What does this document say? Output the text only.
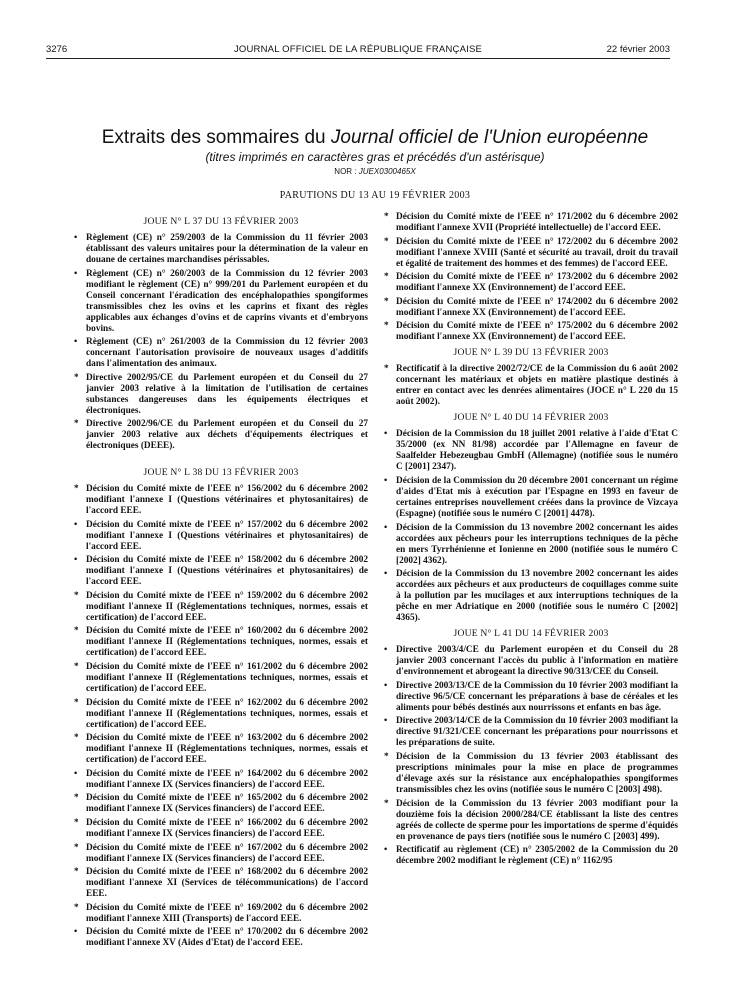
3276	JOURNAL OFFICIEL DE LA RÉPUBLIQUE FRANÇAISE	22 février 2003
Extraits des sommaires du Journal officiel de l'Union européenne
(titres imprimés en caractères gras et précédés d'un astérisque)
NOR : JUEX0300465X
PARUTIONS DU 13 AU 19 FÉVRIER 2003
JOUE N° L 37 DU 13 FÉVRIER 2003
• Règlement (CE) n° 259/2003 de la Commission du 11 février 2003 établissant des valeurs unitaires pour la détermination de la valeur en douane de certaines marchandises périssables.
• Règlement (CE) n° 260/2003 de la Commission du 12 février 2003 modifiant le règlement (CE) n° 999/201 du Parlement européen et du Conseil concernant l'éradication des encéphalopathies spongiformes transmissibles chez les ovins et les caprins et fixant des règles applicables aux échanges d'ovins et de caprins vivants et d'embryons bovins.
• Règlement (CE) n° 261/2003 de la Commission du 12 février 2003 concernant l'autorisation provisoire de nouveaux usages d'additifs dans l'alimentation des animaux.
* Directive 2002/95/CE du Parlement européen et du Conseil du 27 janvier 2003 relative à la limitation de l'utilisation de certaines substances dangereuses dans les équipements électriques et électroniques.
* Directive 2002/96/CE du Parlement européen et du Conseil du 27 janvier 2003 relative aux déchets d'équipements électriques et électroniques (DEEE).
JOUE N° L 38 DU 13 FÉVRIER 2003
* Décision du Comité mixte de l'EEE n° 156/2002 du 6 décembre 2002 modifiant l'annexe I (Questions vétérinaires et phytosanitaires) de l'accord EEE.
• Décision du Comité mixte de l'EEE n° 157/2002 du 6 décembre 2002 modifiant l'annexe I (Questions vétérinaires et phytosanitaires) de l'accord EEE.
• Décision du Comité mixte de l'EEE n° 158/2002 du 6 décembre 2002 modifiant l'annexe I (Questions vétérinaires et phytosanitaires) de l'accord EEE.
* Décision du Comité mixte de l'EEE n° 159/2002 du 6 décembre 2002 modifiant l'annexe II (Réglementations techniques, normes, essais et certification) de l'accord EEE.
* Décision du Comité mixte de l'EEE n° 160/2002 du 6 décembre 2002 modifiant l'annexe II (Réglementations techniques, normes, essais et certification) de l'accord EEE.
* Décision du Comité mixte de l'EEE n° 161/2002 du 6 décembre 2002 modifiant l'annexe II (Réglementations techniques, normes, essais et certification) de l'accord EEE.
* Décision du Comité mixte de l'EEE n° 162/2002 du 6 décembre 2002 modifiant l'annexe II (Réglementations techniques, normes, essais et certification) de l'accord EEE.
* Décision du Comité mixte de l'EEE n° 163/2002 du 6 décembre 2002 modifiant l'annexe II (Réglementations techniques, normes, essais et certification) de l'accord EEE.
• Décision du Comité mixte de l'EEE n° 164/2002 du 6 décembre 2002 modifiant l'annexe IX (Services financiers) de l'accord EEE.
* Décision du Comité mixte de l'EEE n° 165/2002 du 6 décembre 2002 modifiant l'annexe IX (Services financiers) de l'accord EEE.
* Décision du Comité mixte de l'EEE n° 166/2002 du 6 décembre 2002 modifiant l'annexe IX (Services financiers) de l'accord EEE.
* Décision du Comité mixte de l'EEE n° 167/2002 du 6 décembre 2002 modifiant l'annexe IX (Services financiers) de l'accord EEE.
* Décision du Comité mixte de l'EEE n° 168/2002 du 6 décembre 2002 modifiant l'annexe XI (Services de télécommunications) de l'accord EEE.
* Décision du Comité mixte de l'EEE n° 169/2002 du 6 décembre 2002 modifiant l'annexe XIII (Transports) de l'accord EEE.
• Décision du Comité mixte de l'EEE n° 170/2002 du 6 décembre 2002 modifiant l'annexe XV (Aides d'Etat) de l'accord EEE.
* Décision du Comité mixte de l'EEE n° 171/2002 du 6 décembre 2002 modifiant l'annexe XVII (Propriété intellectuelle) de l'accord EEE.
* Décision du Comité mixte de l'EEE n° 172/2002 du 6 décembre 2002 modifiant l'annexe XVIII (Santé et sécurité au travail, droit du travail et égalité de traitement des hommes et des femmes) de l'accord EEE.
* Décision du Comité mixte de l'EEE n° 173/2002 du 6 décembre 2002 modifiant l'annexe XX (Environnement) de l'accord EEE.
* Décision du Comité mixte de l'EEE n° 174/2002 du 6 décembre 2002 modifiant l'annexe XX (Environnement) de l'accord EEE.
* Décision du Comité mixte de l'EEE n° 175/2002 du 6 décembre 2002 modifiant l'annexe XX (Environnement) de l'accord EEE.
JOUE N° L 39 DU 13 FÉVRIER 2003
* Rectificatif à la directive 2002/72/CE de la Commission du 6 août 2002 concernant les matériaux et objets en matière plastique destinés à entrer en contact avec les denrées alimentaires (JOCE n° L 220 du 15 août 2002).
JOUE N° L 40 DU 14 FÉVRIER 2003
• Décision de la Commission du 18 juillet 2001 relative à l'aide d'Etat C 35/2000 (ex NN 81/98) accordée par l'Allemagne en faveur de Saalfelder Hebezeugbau GmbH (Allemagne) (notifiée sous le numéro C [2001] 2347).
• Décision de la Commission du 20 décembre 2001 concernant un régime d'aides d'Etat mis à exécution par l'Espagne en 1993 en faveur de certaines entreprises nouvellement créées dans la province de Vizcaya (Espagne) (notifiée sous le numéro C [2001] 4478).
• Décision de la Commission du 13 novembre 2002 concernant les aides accordées aux pêcheurs pour les interruptions techniques de la pêche en mers Tyrrhénienne et Ionienne en 2000 (notifiée sous le numéro C [2002] 4362).
• Décision de la Commission du 13 novembre 2002 concernant les aides accordées aux pêcheurs et aux producteurs de coquillages comme suite à la pollution par les mucilages et aux interruptions techniques de la pêche en mer Adriatique en 2000 (notifiée sous le numéro C [2002] 4365).
JOUE N° L 41 DU 14 FÉVRIER 2003
• Directive 2003/4/CE du Parlement européen et du Conseil du 28 janvier 2003 concernant l'accès du public à l'information en matière d'environnement et abrogeant la directive 90/313/CEE du Conseil.
• Directive 2003/13/CE de la Commission du 10 février 2003 modifiant la directive 96/5/CE concernant les préparations à base de céréales et les aliments pour bébés destinés aux nourrissons et enfants en bas âge.
• Directive 2003/14/CE de la Commission du 10 février 2003 modifiant la directive 91/321/CEE concernant les préparations pour nourrissons et les préparations de suite.
* Décision de la Commission du 13 février 2003 établissant des prescriptions minimales pour la mise en place de programmes d'élevage axés sur la résistance aux encéphalopathies spongiformes transmissibles chez les ovins (notifiée sous le numéro C [2003] 498).
* Décision de la Commission du 13 février 2003 modifiant pour la douzième fois la décision 2000/284/CE établissant la liste des centres agréés de collecte de sperme pour les importations de sperme d'équidés en provenance de pays tiers (notifiée sous le numéro C [2003] 499).
• Rectificatif au règlement (CE) n° 2305/2002 de la Commission du 20 décembre 2002 modifiant le règlement (CE) n° 1162/95
